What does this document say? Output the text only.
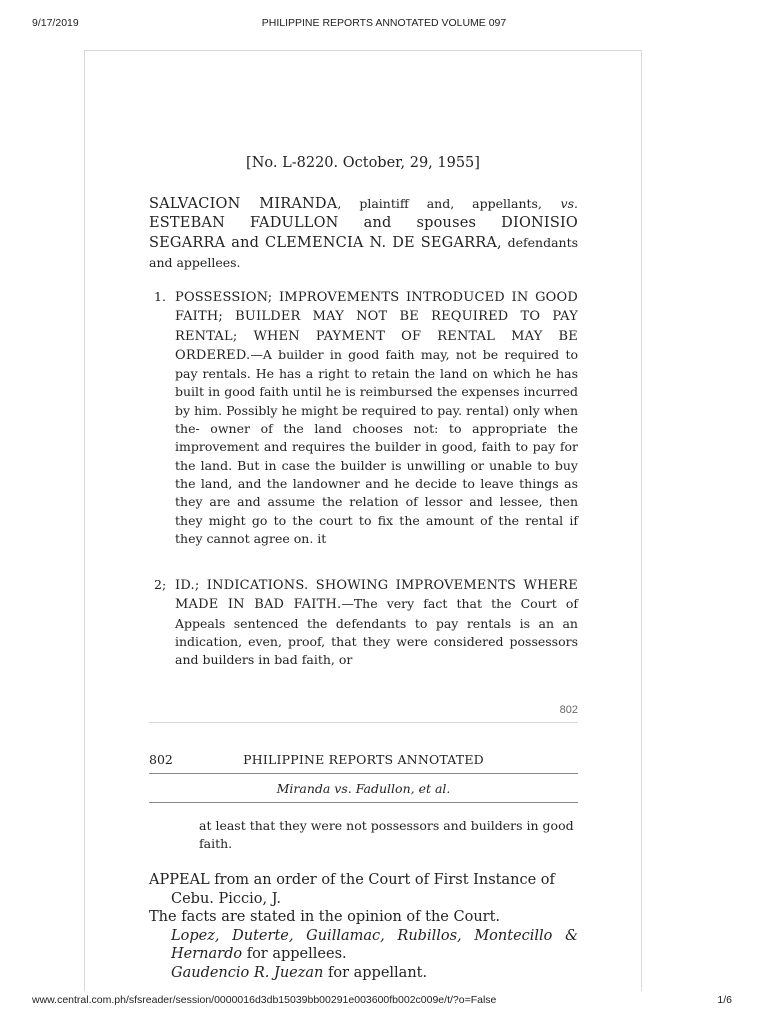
9/17/2019	PHILIPPINE REPORTS ANNOTATED VOLUME 097
[No. L-8220. October, 29, 1955]
SALVACION MIRANDA, plaintiff and, appellants, vs. ESTEBAN FADULLON and spouses DIONISIO SEGARRA and CLEMENCIA N. DE SEGARRA, defendants and appellees.
1. POSSESSION; IMPROVEMENTS INTRODUCED IN GOOD FAITH; BUILDER MAY NOT BE REQUIRED TO PAY RENTAL; WHEN PAYMENT OF RENTAL MAY BE ORDERED.—A builder in good faith may, not be required to pay rentals. He has a right to retain the land on which he has built in good faith until he is reimbursed the expenses incurred by him. Possibly he might be required to pay. rental) only when the- owner of the land chooses not: to appropriate the improvement and requires the builder in good, faith to pay for the land. But in case the builder is unwilling or unable to buy the land, and the landowner and he decide to leave things as they are and assume the relation of lessor and lessee, then they might go to the court to fix the amount of the rental if they cannot agree on. it
2; ID.; INDICATIONS. SHOWING IMPROVEMENTS WHERE MADE IN BAD FAITH.—The very fact that the Court of Appeals sentenced the defendants to pay rentals is an an indication, even, proof, that they were considered possessors and builders in bad faith, or
802
PHILIPPINE REPORTS ANNOTATED
802
Miranda vs. Fadullon, et al.
at least that they were not possessors and builders in good faith.

APPEAL from an order of the Court of First Instance of

Cebu. Piccio, J.

The facts are stated in the opinion of the Court.

Lopez, Duterte, Guillamac, Rubillos, Montecillo & Hernardo for appellees.

Gaudencio R. Juezan for appellant.

www.central.com.ph/sfsreader/session/0000016d3db15039bb00291e003600fb002c009e/t/?o=False	1/6
